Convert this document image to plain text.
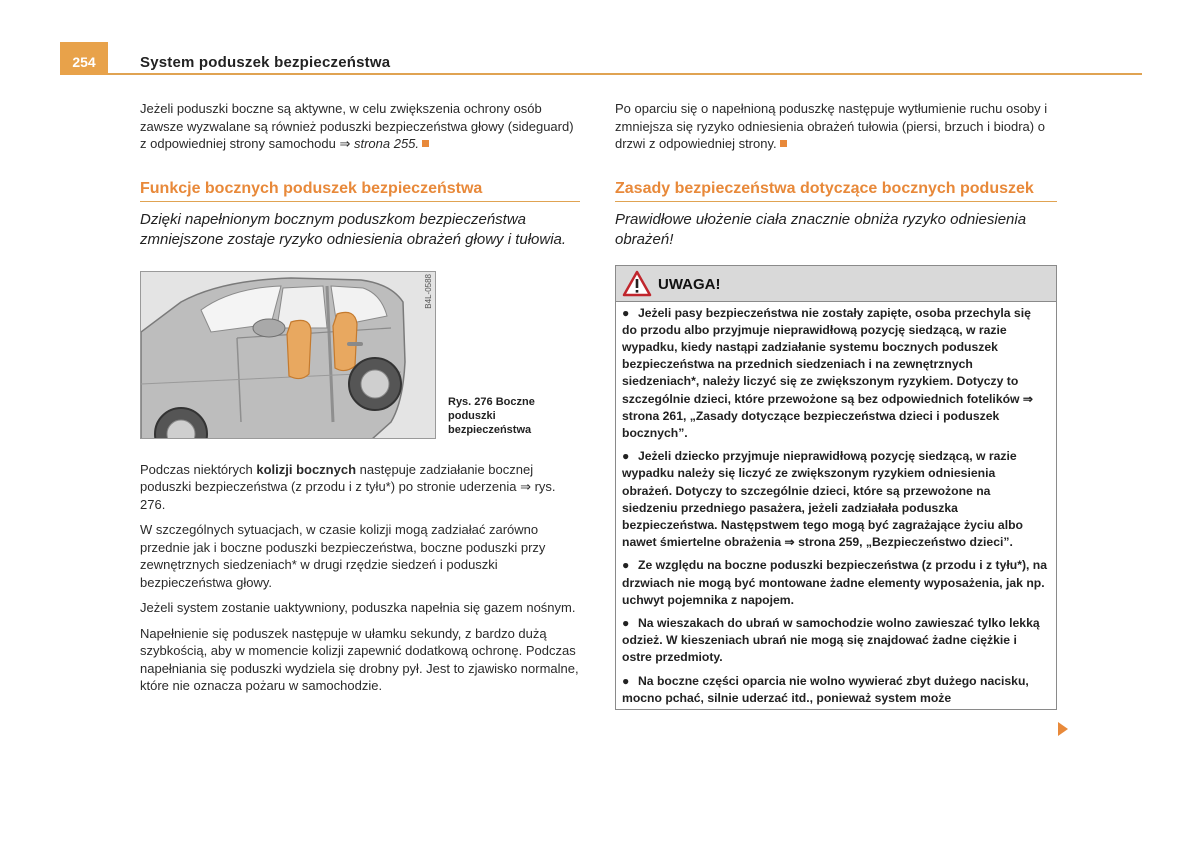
254	System poduszek bezpieczeństwa

Jeżeli poduszki boczne są aktywne, w celu zwiększenia ochrony osób zawsze wyzwalane są również poduszki bezpieczeństwa głowy (sideguard) z odpowiedniej strony samochodu ⇒ strona 255.

Funkcje bocznych poduszek bezpieczeństwa

Dzięki napełnionym bocznym poduszkom bezpieczeństwa zmniejszone zostaje ryzyko odniesienia obrażeń głowy i tułowia.

B4L-0588
Rys. 276 Boczne poduszki bezpieczeństwa

Podczas niektórych kolizji bocznych następuje zadziałanie bocznej poduszki bezpieczeństwa (z przodu i z tyłu*) po stronie uderzenia ⇒ rys. 276.

W szczególnych sytuacjach, w czasie kolizji mogą zadziałać zarówno przednie jak i boczne poduszki bezpieczeństwa, boczne poduszki przy zewnętrznych siedzeniach* w drugi rzędzie siedzeń i poduszki bezpieczeństwa głowy.

Jeżeli system zostanie uaktywniony, poduszka napełnia się gazem nośnym.

Napełnienie się poduszek następuje w ułamku sekundy, z bardzo dużą szybkością, aby w momencie kolizji zapewnić dodatkową ochronę. Podczas napełniania się poduszki wydziela się drobny pył. Jest to zjawisko normalne, które nie oznacza pożaru w samochodzie.

Po oparciu się o napełnioną poduszkę następuje wytłumienie ruchu osoby i zmniejsza się ryzyko odniesienia obrażeń tułowia (piersi, brzuch i biodra) o drzwi z odpowiedniej strony.

Zasady bezpieczeństwa dotyczące bocznych poduszek

Prawidłowe ułożenie ciała znacznie obniża ryzyko odniesienia obrażeń!

UWAGA!

● Jeżeli pasy bezpieczeństwa nie zostały zapięte, osoba przechyla się do przodu albo przyjmuje nieprawidłową pozycję siedzącą, w razie wypadku, kiedy nastąpi zadziałanie systemu bocznych poduszek bezpieczeństwa na przednich siedzeniach i na zewnętrznych siedzeniach*, należy liczyć się ze zwiększonym ryzykiem. Dotyczy to szczególnie dzieci, które przewożone są bez odpowiednich fotelików ⇒ strona 261, „Zasady dotyczące bezpieczeństwa dzieci i poduszek bocznych”.

● Jeżeli dziecko przyjmuje nieprawidłową pozycję siedzącą, w razie wypadku należy się liczyć ze zwiększonym ryzykiem odniesienia obrażeń. Dotyczy to szczególnie dzieci, które są przewożone na siedzeniu przedniego pasażera, jeżeli zadziałała poduszka bezpieczeństwa. Następstwem tego mogą być zagrażające życiu albo nawet śmiertelne obrażenia ⇒ strona 259, „Bezpieczeństwo dzieci”.

● Ze względu na boczne poduszki bezpieczeństwa (z przodu i z tyłu*), na drzwiach nie mogą być montowane żadne elementy wyposażenia, jak np. uchwyt pojemnika z napojem.

● Na wieszakach do ubrań w samochodzie wolno zawieszać tylko lekką odzież. W kieszeniach ubrań nie mogą się znajdować żadne ciężkie i ostre przedmioty.

● Na boczne części oparcia nie wolno wywierać zbyt dużego nacisku, mocno pchać, silnie uderzać itd., ponieważ system może
